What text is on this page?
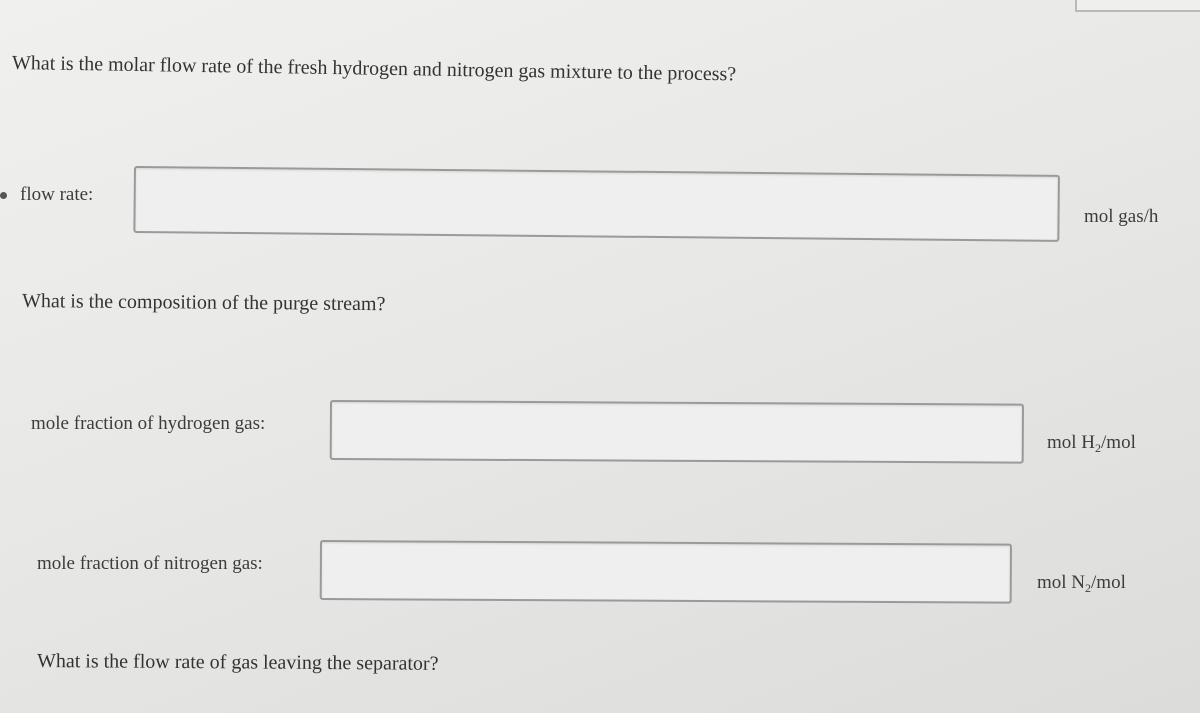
What is the molar flow rate of the fresh hydrogen and nitrogen gas mixture to the process?
flow rate:
mol gas/h
What is the composition of the purge stream?
mole fraction of hydrogen gas:
mol $H_2$/mol
mole fraction of nitrogen gas:
mol $N_2$/mol
What is the flow rate of gas leaving the separator?
